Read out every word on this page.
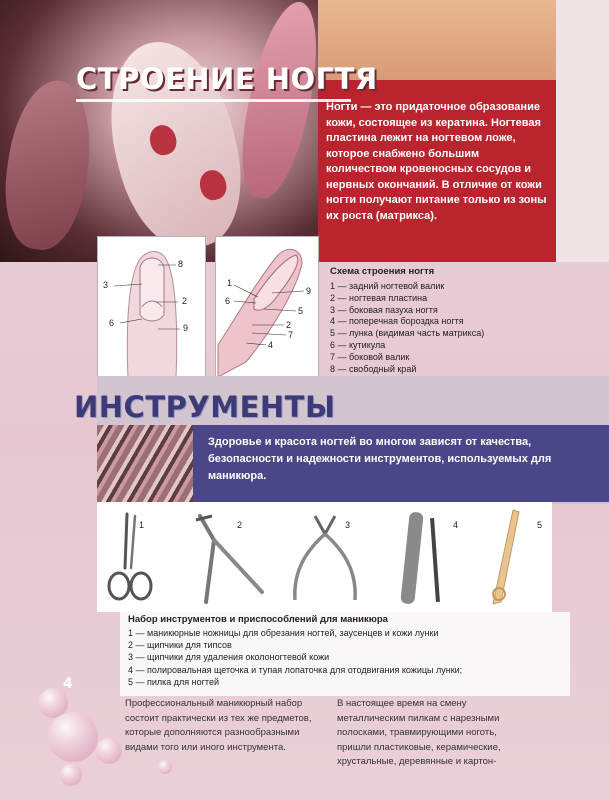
СТРОЕНИЕ НОГТЯ

Ногти — это придаточное образование кожи, состоящее из кератина. Ногтевая пластина лежит на ногтевом ложе, которое снабжено большим количеством кровеносных сосудов и нервных окончаний. В отличие от кожи ногти получают питание только из зоны их роста (матрикса).

8
3
2
6	9
1
6
9
5
2
7
4
Схема строения ногтя
1 — задний ногтевой валик
2 — ногтевая пластина
3 — боковая пазуха ногтя
4 — поперечная бороздка ногтя
5 — лунка (видимая часть матрикса)
6 — кутикула
7 — боковой валик
8 — свободный край
ИНСТРУМЕНТЫ

Здоровье и красота ногтей во многом зависят от качества, безопасности и надежности инструментов, используемых для маникюра.

1	2	3	4	5
Набор инструментов и приспособлений для маникюра
1 — маникюрные ножницы для обрезания ногтей, заусенцев и кожи лунки
2 — щипчики для типсов
3 — щипчики для удаления околоногтевой кожи
4 — полировальная щеточка и тупая лопаточка для отодвигания кожицы лунки;
5 — пилка для ногтей
4

Профессиональный маникюрный набор состоит практически из тех же предметов, которые дополняются разнообразными видами того или иного инструмента.

В настоящее время на смену металлическим пилкам с нарезными полосками, травмирующими ноготь, пришли пластиковые, керамические, хрустальные, деревянные и картон-
